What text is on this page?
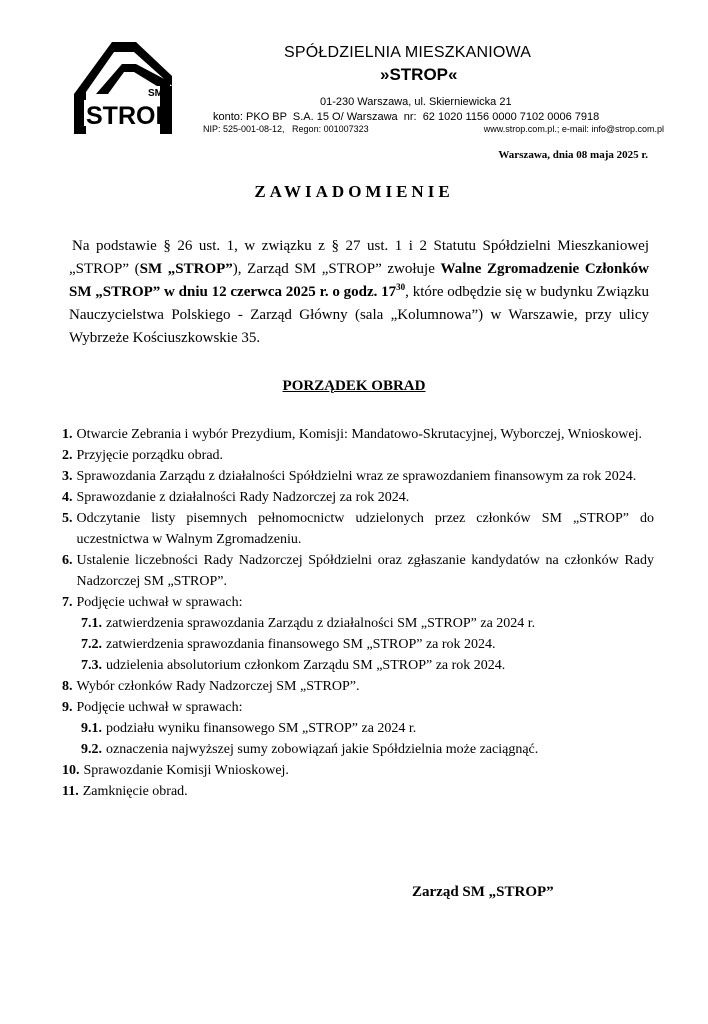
SM
STROP
SPÓŁDZIELNIA MIESZKANIOWA
»STROP«
01-230 Warszawa, ul. Skierniewicka 21
konto: PKO BP  S.A. 15 O/ Warszawa  nr:  62 1020 1156 0000 7102 0006 7918
NIP: 525-001-08-12,   Regon: 001007323	www.strop.com.pl.; e-mail: info@strop.com.pl
Warszawa, dnia 08 maja 2025 r.
ZAWIADOMIENIE
Na podstawie § 26 ust. 1, w związku z § 27 ust. 1 i 2 Statutu Spółdzielni Mieszkaniowej „STROP” (SM „STROP”), Zarząd SM „STROP” zwołuje Walne Zgromadzenie Członków SM „STROP” w dniu 12 czerwca 2025 r. o godz. $17^{30}$, które odbędzie się w budynku Związku Nauczycielstwa Polskiego - Zarząd Główny (sala „Kolumnowa”) w Warszawie, przy ulicy Wybrzeże Kościuszkowskie 35.
PORZĄDEK OBRAD
1. Otwarcie Zebrania i wybór Prezydium, Komisji: Mandatowo-Skrutacyjnej, Wyborczej, Wnioskowej.
2. Przyjęcie porządku obrad.
3. Sprawozdania Zarządu z działalności Spółdzielni wraz ze sprawozdaniem finansowym za rok 2024.
4. Sprawozdanie z działalności Rady Nadzorczej za rok 2024.
5. Odczytanie listy pisemnych pełnomocnictw udzielonych przez członków SM „STROP” do uczestnictwa w Walnym Zgromadzeniu.
6. Ustalenie liczebności Rady Nadzorczej Spółdzielni oraz zgłaszanie kandydatów na członków Rady Nadzorczej SM „STROP”.
7. Podjęcie uchwał w sprawach:
7.1. zatwierdzenia sprawozdania Zarządu z działalności SM „STROP” za 2024 r.
7.2. zatwierdzenia sprawozdania finansowego SM „STROP” za rok 2024.
7.3. udzielenia absolutorium członkom Zarządu SM „STROP” za rok 2024.
8. Wybór członków Rady Nadzorczej SM „STROP”.
9. Podjęcie uchwał w sprawach:
9.1. podziału wyniku finansowego SM „STROP” za 2024 r.
9.2. oznaczenia najwyższej sumy zobowiązań jakie Spółdzielnia może zaciągnąć.
10. Sprawozdanie Komisji Wnioskowej.
11. Zamknięcie obrad.
Zarząd SM „STROP”
